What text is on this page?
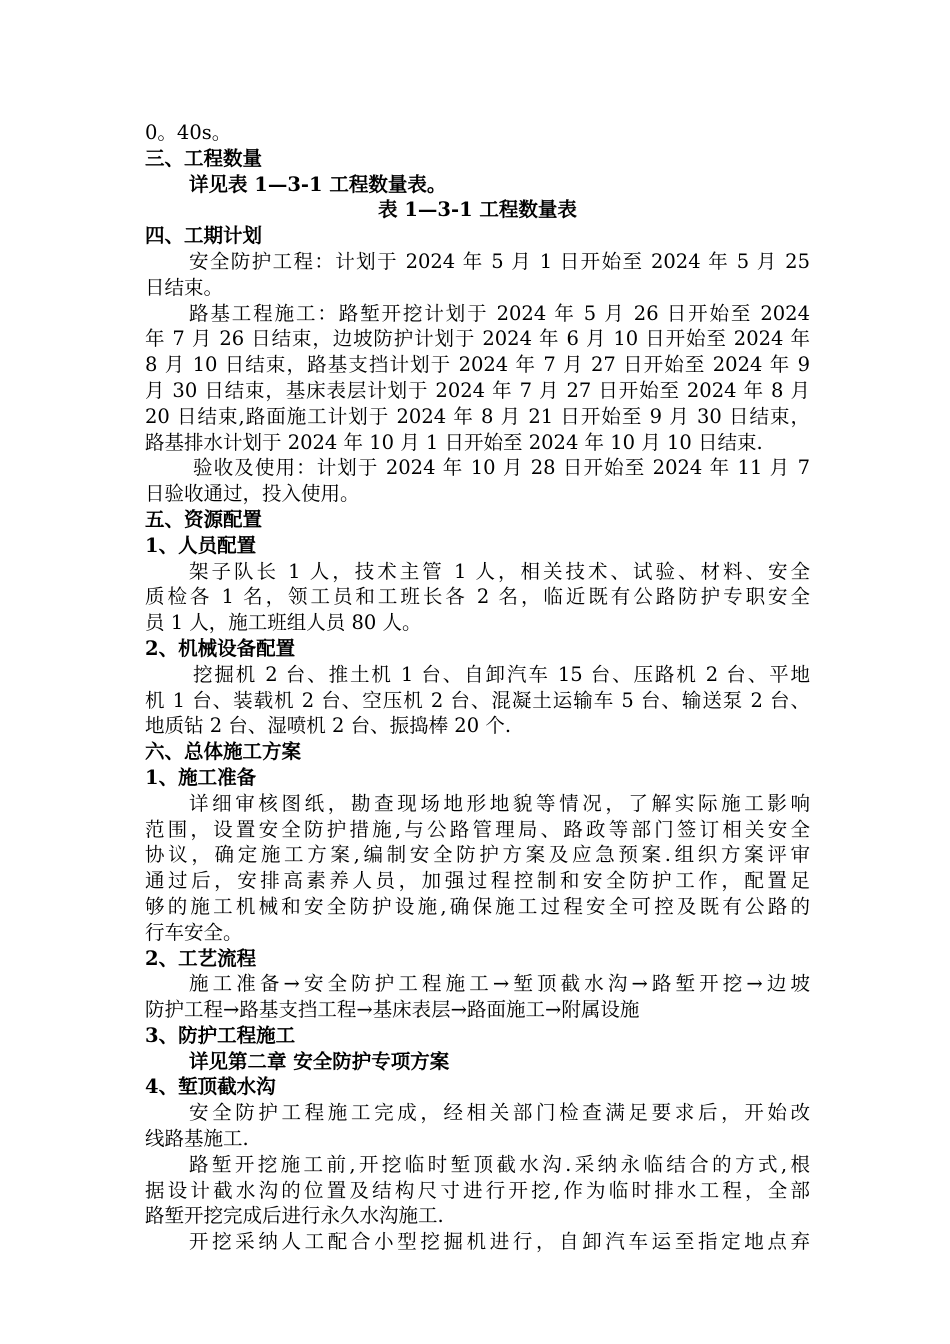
0。40s。
三、工程数量
详见表 1—3-1 工程数量表。
表 1—3-1 工程数量表
四、工期计划
安全防护工程：计划于 2024 年 5 月 1 日开始至 2024 年 5 月 25
日结束。
路基工程施工：路堑开挖计划于 2024 年 5 月 26 日开始至 2024
年 7 月 26 日结束，边坡防护计划于 2024 年 6 月 10 日开始至 2024 年
8 月 10 日结束，路基支挡计划于 2024 年 7 月 27 日开始至 2024 年 9
月 30 日结束，基床表层计划于 2024 年 7 月 27 日开始至 2024 年 8 月
20 日结束,路面施工计划于 2024 年 8 月 21 日开始至 9 月 30 日结束，
路基排水计划于 2024 年 10 月 1 日开始至 2024 年 10 月 10 日结束.
验收及使用：计划于 2024 年 10 月 28 日开始至 2024 年 11 月 7
日验收通过，投入使用。
五、资源配置
1、人员配置
架子队长 1 人，技术主管 1 人，相关技术、试验、材料、安全
质检各 1 名，领工员和工班长各 2 名，临近既有公路防护专职安全
员 1 人，施工班组人员 80 人。
2、机械设备配置
挖掘机 2 台、推土机 1 台、自卸汽车 15 台、压路机 2 台、平地
机 1 台、装载机 2 台、空压机 2 台、混凝土运输车 5 台、输送泵 2 台、
地质钻 2 台、湿喷机 2 台、振捣棒 20 个.
六、总体施工方案
1、施工准备
详细审核图纸，勘查现场地形地貌等情况，了解实际施工影响
范围，设置安全防护措施,与公路管理局、路政等部门签订相关安全
协议，确定施工方案,编制安全防护方案及应急预案.组织方案评审
通过后，安排高素养人员，加强过程控制和安全防护工作，配置足
够的施工机械和安全防护设施,确保施工过程安全可控及既有公路的
行车安全。
2、工艺流程
施工准备→安全防护工程施工→堑顶截水沟→路堑开挖→边坡
防护工程→路基支挡工程→基床表层→路面施工→附属设施
3、防护工程施工
详见第二章 安全防护专项方案
4、堑顶截水沟
安全防护工程施工完成，经相关部门检查满足要求后，开始改
线路基施工.
路堑开挖施工前,开挖临时堑顶截水沟.采纳永临结合的方式,根
据设计截水沟的位置及结构尺寸进行开挖,作为临时排水工程，全部
路堑开挖完成后进行永久水沟施工.
开挖采纳人工配合小型挖掘机进行，自卸汽车运至指定地点弃
